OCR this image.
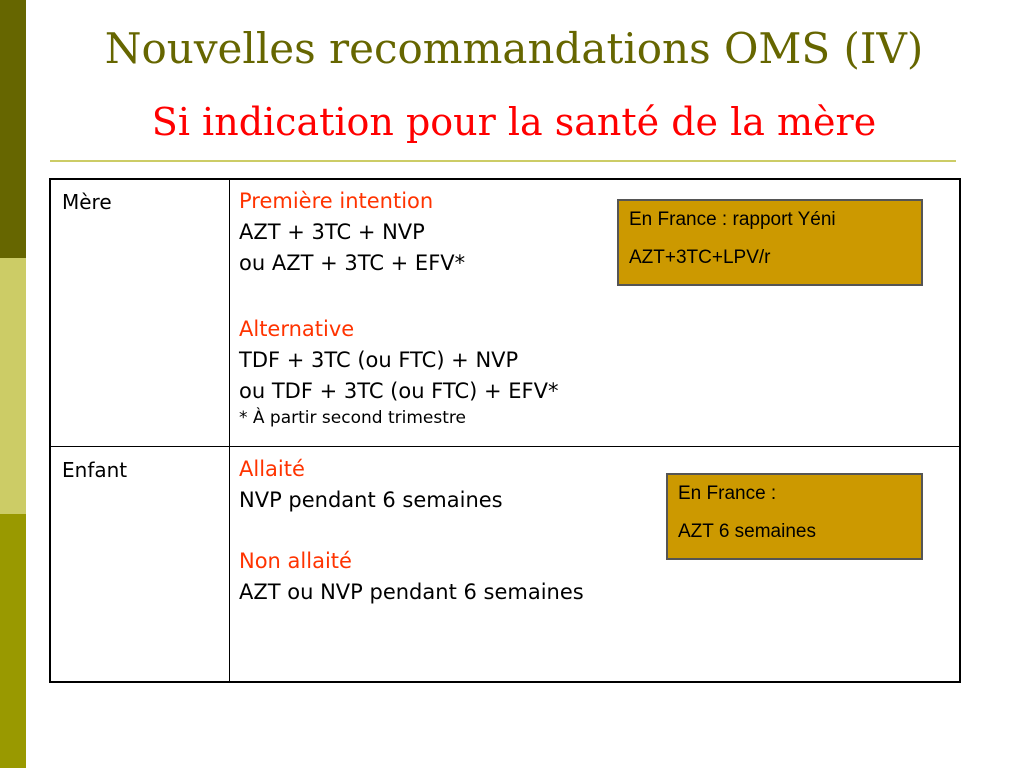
Nouvelles recommandations OMS (IV)
Si indication pour la santé de la mère
Mère	Première intention
AZT + 3TC + NVP
ou AZT + 3TC + EFV*
Alternative
TDF + 3TC (ou FTC) + NVP
ou TDF + 3TC (ou FTC) + EFV*
* À partir second trimestre
Enfant	Allaité
NVP pendant 6 semaines
Non allaité
AZT ou NVP pendant 6 semaines
En France : rapport Yéni
AZT+3TC+LPV/r
En France :
AZT 6 semaines
